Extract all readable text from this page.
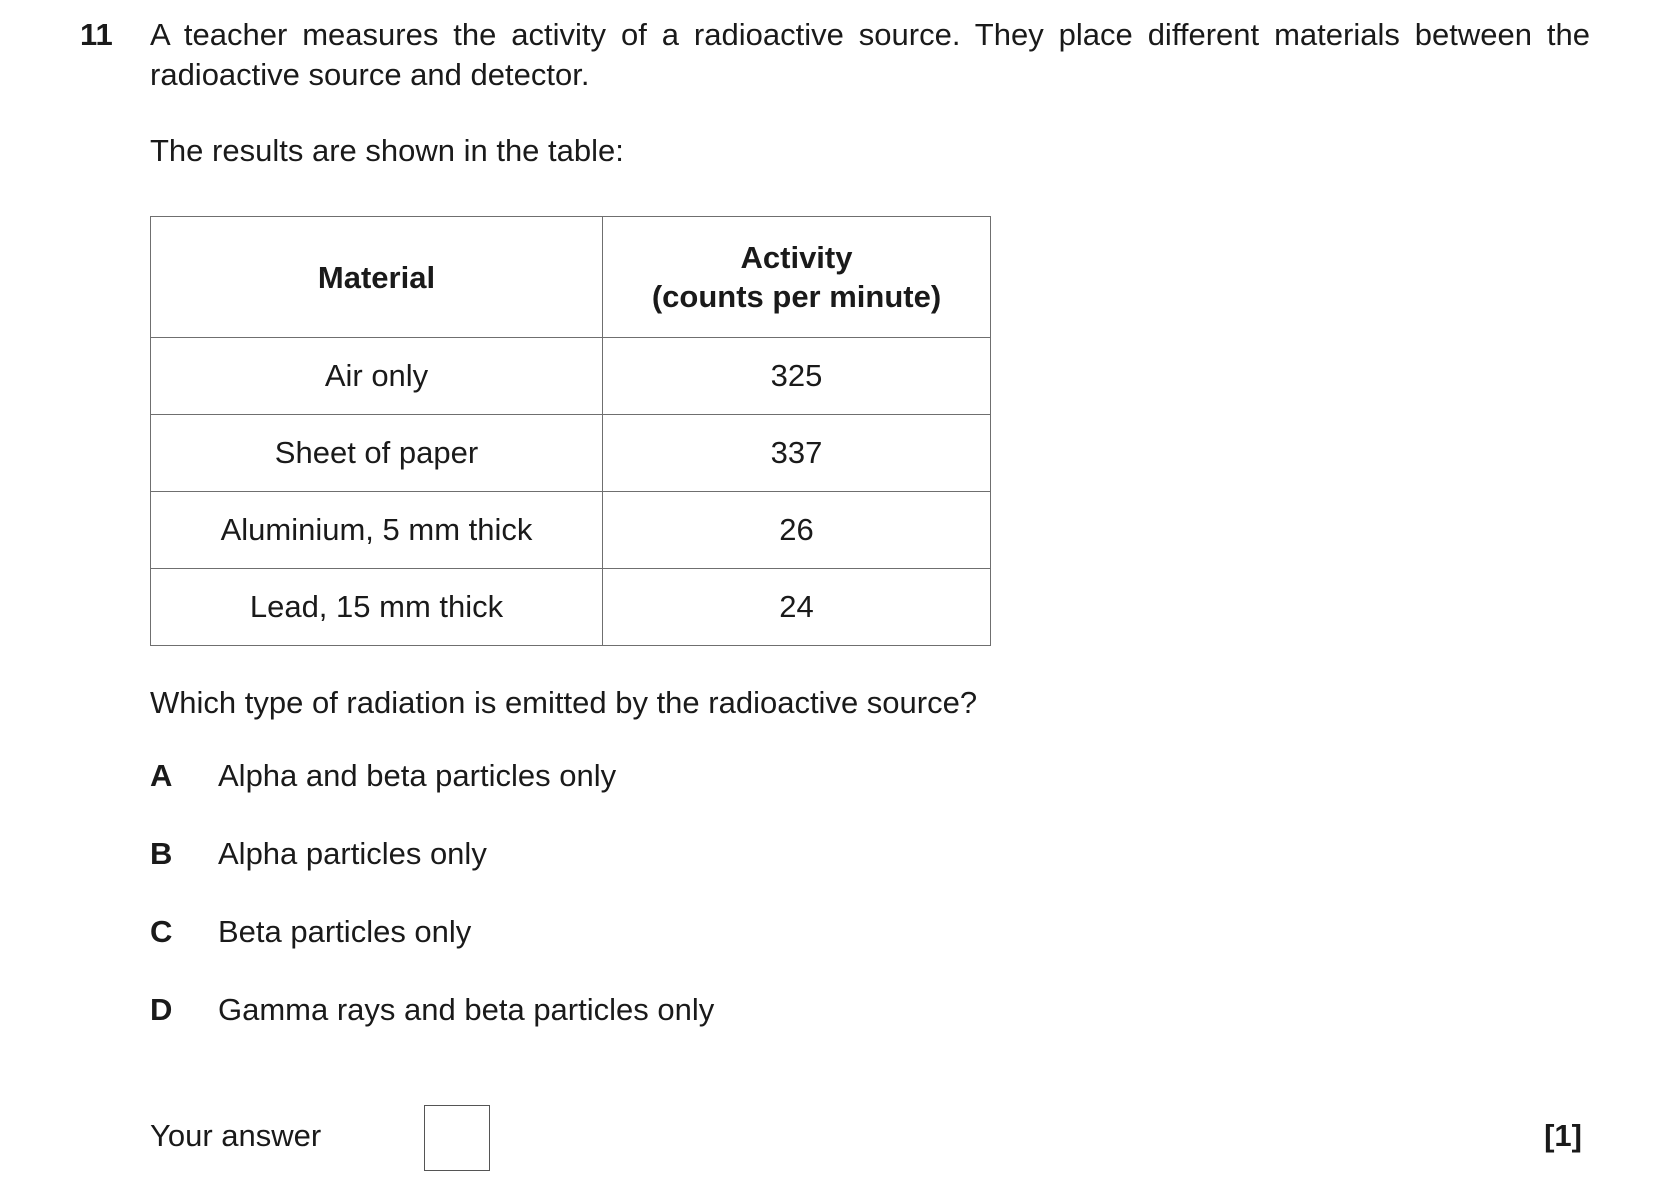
11 A teacher measures the activity of a radioactive source. They place different materials between the radioactive source and detector.

The results are shown in the table:

Material	Activity
(counts per minute)
Air only	325
Sheet of paper	337
Aluminium, 5 mm thick	26
Lead, 15 mm thick	24

Which type of radiation is emitted by the radioactive source?

A	Alpha and beta particles only
B	Alpha particles only
C	Beta particles only
D	Gamma rays and beta particles only
Your answer	[1]
